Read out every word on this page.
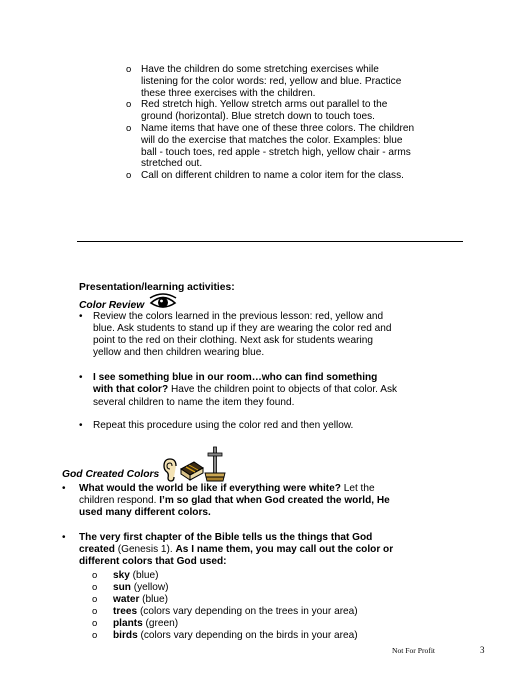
o Have the children do some stretching exercises while listening for the color words: red, yellow and blue. Practice these three exercises with the children.
o Red stretch high. Yellow stretch arms out parallel to the ground (horizontal). Blue stretch down to touch toes.
o Name items that have one of these three colors. The children will do the exercise that matches the color. Examples: blue ball - touch toes, red apple - stretch high, yellow chair - arms stretched out.
o Call on different children to name a color item for the class.
Presentation/learning activities:
Color Review
• Review the colors learned in the previous lesson: red, yellow and blue. Ask students to stand up if they are wearing the color red and point to the red on their clothing. Next ask for students wearing yellow and then children wearing blue.
• I see something blue in our room…who can find something with that color? Have the children point to objects of that color. Ask several children to name the item they found.
• Repeat this procedure using the color red and then yellow.
God Created Colors
• What would the world be like if everything were white? Let the children respond. I’m so glad that when God created the world, He used many different colors.
• The very first chapter of the Bible tells us the things that God created (Genesis 1). As I name them, you may call out the color or different colors that God used:
o sky (blue)
o sun (yellow)
o water (blue)
o trees (colors vary depending on the trees in your area)
o plants (green)
o birds (colors vary depending on the birds in your area)
Not For Profit	3
